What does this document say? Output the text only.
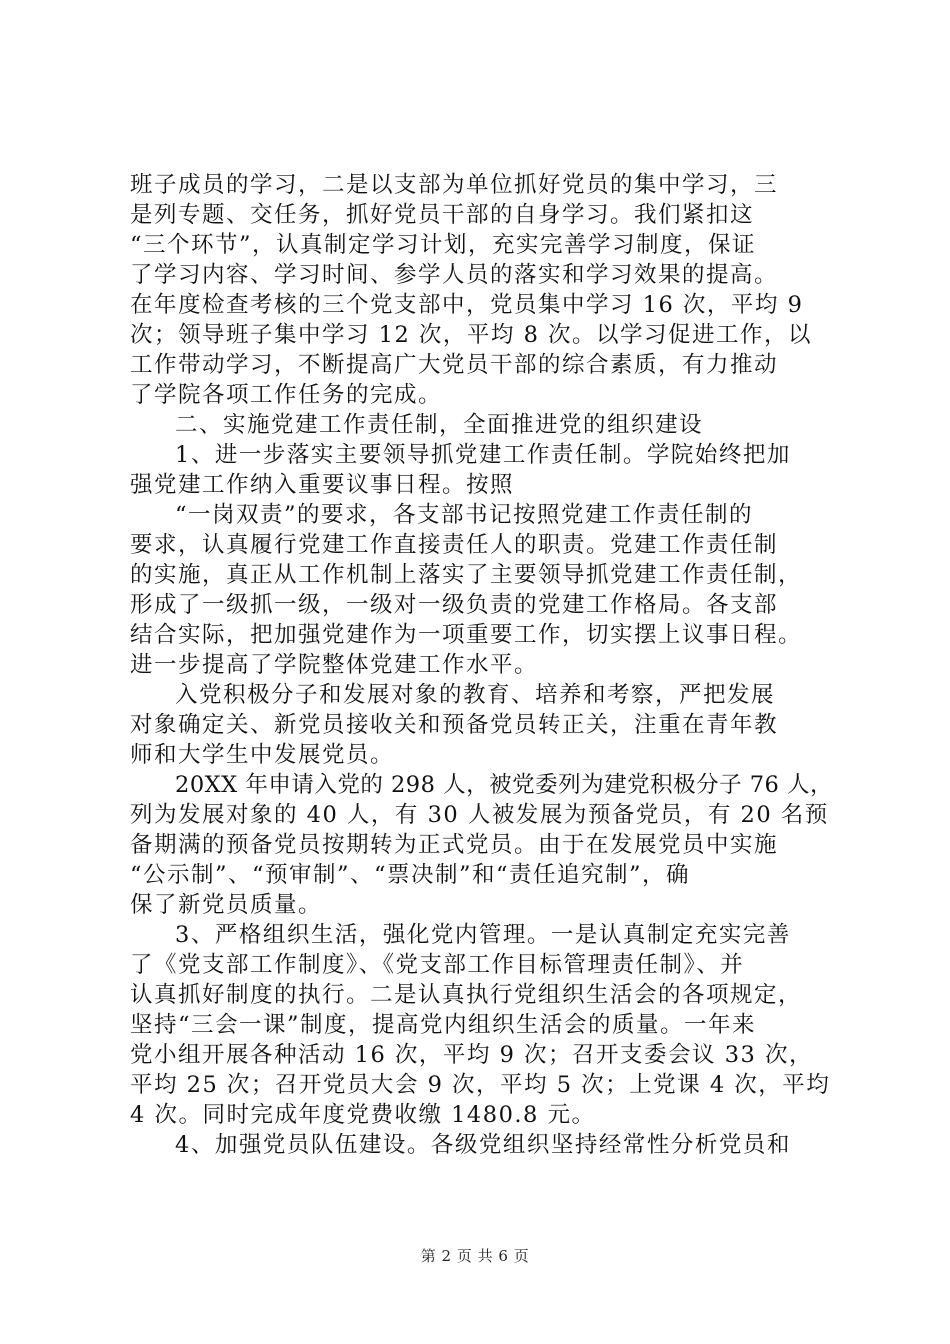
班子成员的学习，二是以支部为单位抓好党员的集中学习，三
是列专题、交任务，抓好党员干部的自身学习。我们紧扣这
“三个环节”，认真制定学习计划，充实完善学习制度，保证
了学习内容、学习时间、参学人员的落实和学习效果的提高。
在年度检查考核的三个党支部中，党员集中学习 16 次，平均 9
次；领导班子集中学习 12 次，平均 8 次。以学习促进工作，以
工作带动学习，不断提高广大党员干部的综合素质，有力推动
了学院各项工作任务的完成。
二、实施党建工作责任制，全面推进党的组织建设
1、进一步落实主要领导抓党建工作责任制。学院始终把加
强党建工作纳入重要议事日程。按照
“一岗双责”的要求，各支部书记按照党建工作责任制的
要求，认真履行党建工作直接责任人的职责。党建工作责任制
的实施，真正从工作机制上落实了主要领导抓党建工作责任制，
形成了一级抓一级，一级对一级负责的党建工作格局。各支部
结合实际，把加强党建作为一项重要工作，切实摆上议事日程。
进一步提高了学院整体党建工作水平。
入党积极分子和发展对象的教育、培养和考察，严把发展
对象确定关、新党员接收关和预备党员转正关，注重在青年教
师和大学生中发展党员。
20XX 年申请入党的 298 人，被党委列为建党积极分子 76 人，
列为发展对象的 40 人，有 30 人被发展为预备党员，有 20 名预
备期满的预备党员按期转为正式党员。由于在发展党员中实施
“公示制”、“预审制”、“票决制”和“责任追究制”，确
保了新党员质量。
3、严格组织生活，强化党内管理。一是认真制定充实完善
了《党支部工作制度》、《党支部工作目标管理责任制》、并
认真抓好制度的执行。二是认真执行党组织生活会的各项规定，
坚持“三会一课”制度，提高党内组织生活会的质量。一年来
党小组开展各种活动 16 次，平均 9 次；召开支委会议 33 次，
平均 25 次；召开党员大会 9 次，平均 5 次；上党课 4 次，平均
4 次。同时完成年度党费收缴 1480.8 元。
4、加强党员队伍建设。各级党组织坚持经常性分析党员和
第 2 页 共 6 页
